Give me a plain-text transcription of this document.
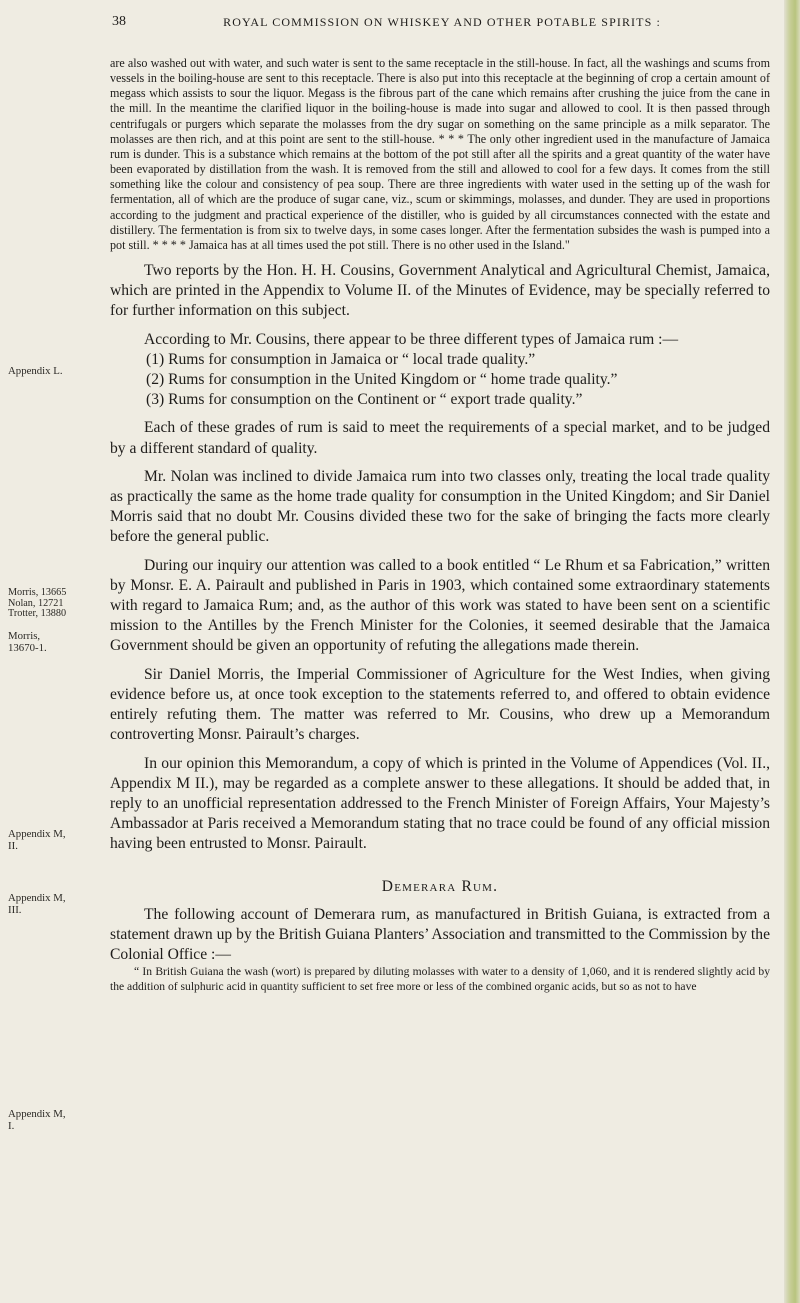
38	ROYAL COMMISSION ON WHISKEY AND OTHER POTABLE SPIRITS :
Appendix L.
Morris, 13665
Nolan, 12721
Trotter, 13880
Morris,
13670-1.
Appendix M,
II.
Appendix M,
III.
Appendix M,
I.

are also washed out with water, and such water is sent to the same receptacle in the still-house. In fact, all the washings and scums from vessels in the boiling-house are sent to this receptacle. There is also put into this receptacle at the beginning of crop a certain amount of megass which assists to sour the liquor. Megass is the fibrous part of the cane which remains after crushing the juice from the cane in the mill. In the meantime the clarified liquor in the boiling-house is made into sugar and allowed to cool. It is then passed through centrifugals or purgers which separate the molasses from the dry sugar on something on the same principle as a milk separator. The molasses are then rich, and at this point are sent to the still-house. * * * The only other ingredient used in the manufacture of Jamaica rum is dunder. This is a substance which remains at the bottom of the pot still after all the spirits and a great quantity of the water have been evaporated by distillation from the wash. It is removed from the still and allowed to cool for a few days. It comes from the still something like the colour and consistency of pea soup. There are three ingredients with water used in the setting up of the wash for fermentation, all of which are the produce of sugar cane, viz., scum or skimmings, molasses, and dunder. They are used in proportions according to the judgment and practical experience of the distiller, who is guided by all circumstances connected with the estate and distillery. The fermentation is from six to twelve days, in some cases longer. After the fermentation subsides the wash is pumped into a pot still. * * * * Jamaica has at all times used the pot still. There is no other used in the Island."

Two reports by the Hon. H. H. Cousins, Government Analytical and Agricultural Chemist, Jamaica, which are printed in the Appendix to Volume II. of the Minutes of Evidence, may be specially referred to for further information on this subject.

According to Mr. Cousins, there appear to be three different types of Jamaica rum :—

(1) Rums for consumption in Jamaica or “ local trade quality.”

(2) Rums for consumption in the United Kingdom or “ home trade quality.”

(3) Rums for consumption on the Continent or “ export trade quality.”

Each of these grades of rum is said to meet the requirements of a special market, and to be judged by a different standard of quality.

Mr. Nolan was inclined to divide Jamaica rum into two classes only, treating the local trade quality as practically the same as the home trade quality for consumption in the United Kingdom; and Sir Daniel Morris said that no doubt Mr. Cousins divided these two for the sake of bringing the facts more clearly before the general public.

During our inquiry our attention was called to a book entitled “ Le Rhum et sa Fabrication,” written by Monsr. E. A. Pairault and published in Paris in 1903, which contained some extraordinary statements with regard to Jamaica Rum; and, as the author of this work was stated to have been sent on a scientific mission to the Antilles by the French Minister for the Colonies, it seemed desirable that the Jamaica Government should be given an opportunity of refuting the allegations made therein.

Sir Daniel Morris, the Imperial Commissioner of Agriculture for the West Indies, when giving evidence before us, at once took exception to the statements referred to, and offered to obtain evidence entirely refuting them. The matter was referred to Mr. Cousins, who drew up a Memorandum controverting Monsr. Pairault’s charges.

In our opinion this Memorandum, a copy of which is printed in the Volume of Appendices (Vol. II., Appendix M II.), may be regarded as a complete answer to these allegations. It should be added that, in reply to an unofficial representation addressed to the French Minister of Foreign Affairs, Your Majesty’s Ambassador at Paris received a Memorandum stating that no trace could be found of any official mission having been entrusted to Monsr. Pairault.

Demerara Rum.

The following account of Demerara rum, as manufactured in British Guiana, is extracted from a statement drawn up by the British Guiana Planters’ Association and transmitted to the Commission by the Colonial Office :—

“ In British Guiana the wash (wort) is prepared by diluting molasses with water to a density of 1,060, and it is rendered slightly acid by the addition of sulphuric acid in quantity sufficient to set free more or less of the combined organic acids, but so as not to have
